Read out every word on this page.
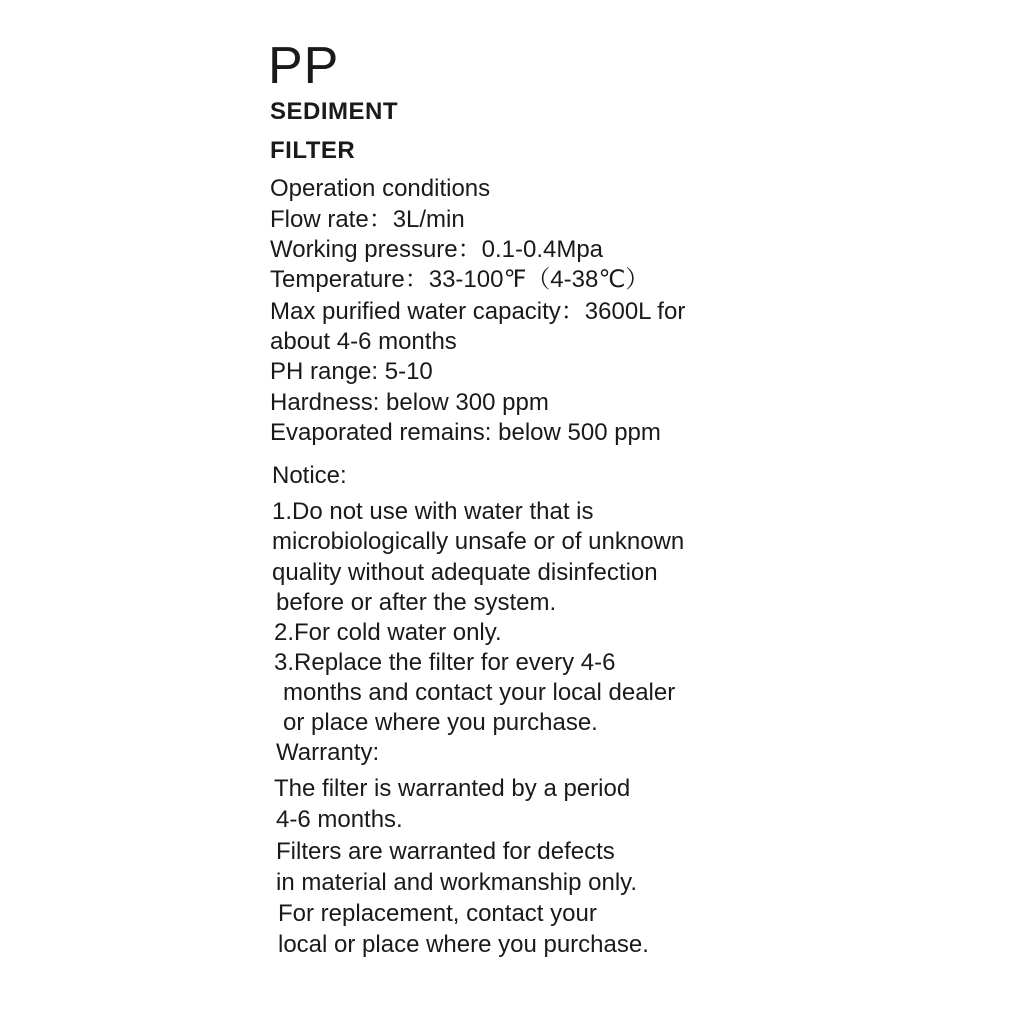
PP
SEDIMENT
FILTER
Operation conditions
Flow rate：3L/min
Working pressure：0.1-0.4Mpa
Temperature：33-100℉（4-38℃）
Max purified water capacity：3600L for
about 4-6 months
PH range: 5-10
Hardness: below 300 ppm
Evaporated remains: below 500 ppm
Notice:
1.Do not use with water that is
microbiologically unsafe or of unknown
quality without adequate disinfection
before or after the system.
2.For cold water only.
3.Replace the filter for every 4-6
months and contact your local dealer
or place where you purchase.
Warranty:
The filter is warranted by a period
4-6 months.
Filters are warranted for defects
in material and workmanship only.
For replacement, contact your
local or place where you purchase.
